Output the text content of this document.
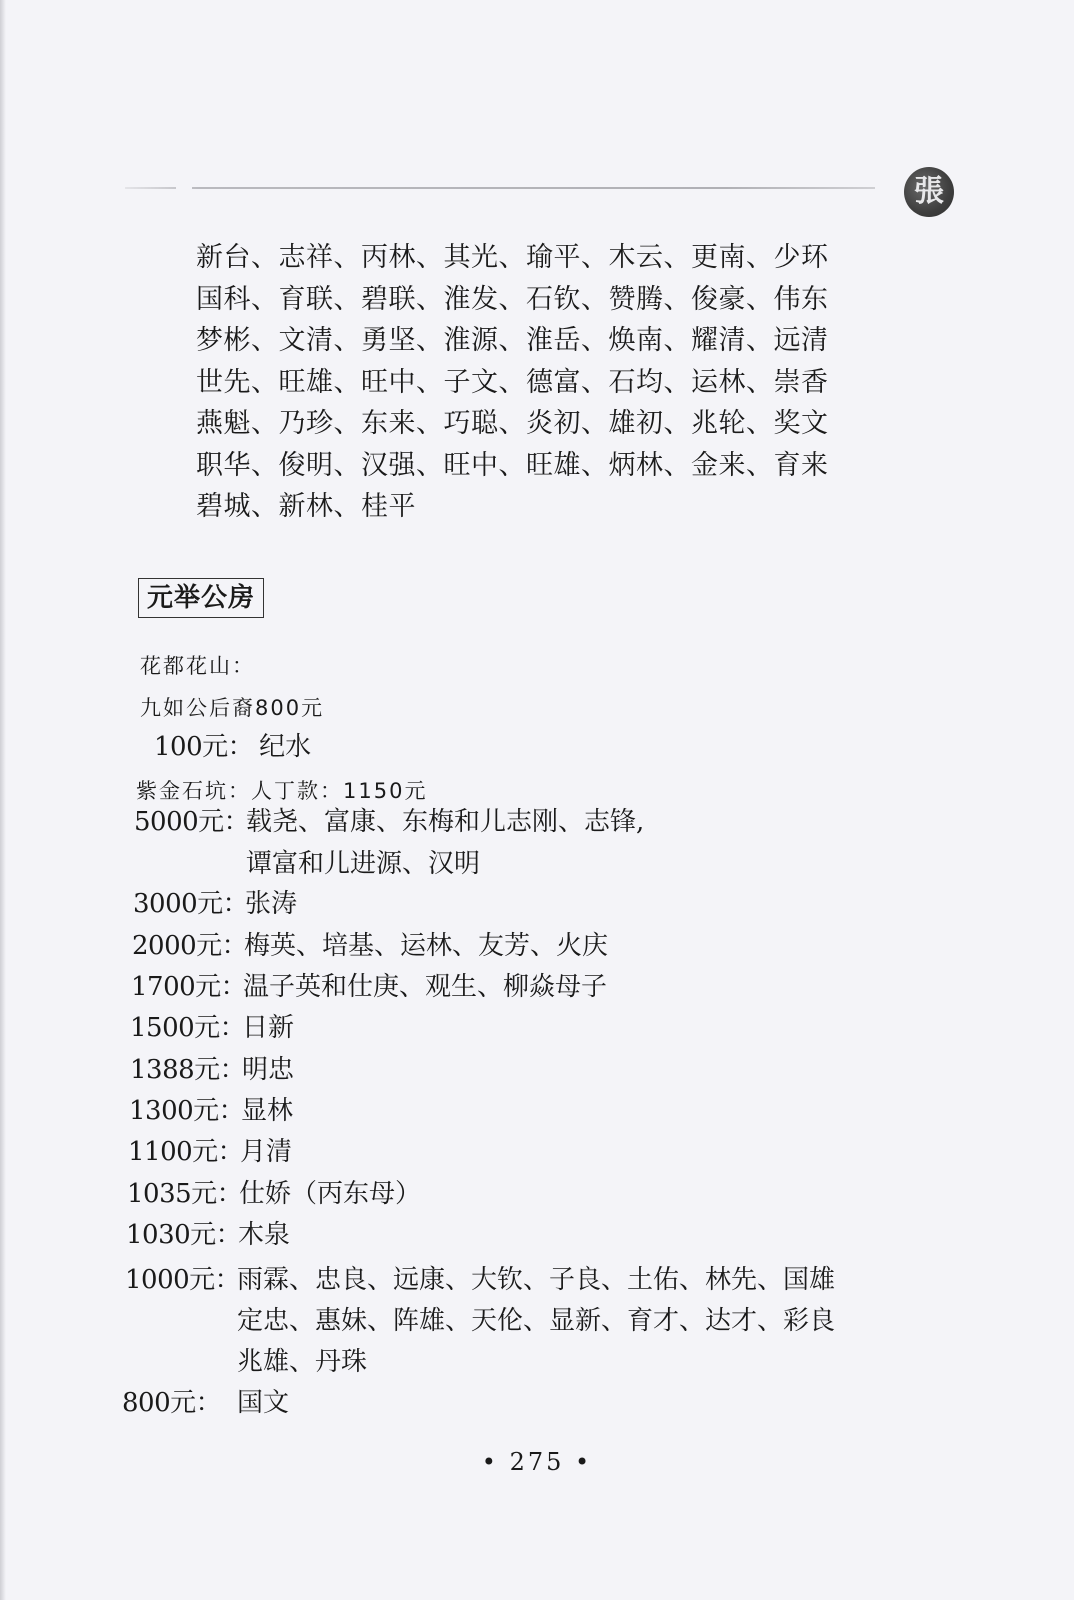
張
新台、志祥、丙林、其光、瑜平、木云、更南、少环
国科、育联、碧联、淮发、石钦、赞腾、俊豪、伟东
梦彬、文清、勇坚、淮源、淮岳、焕南、耀清、远清
世先、旺雄、旺中、子文、德富、石均、运林、崇香
燕魁、乃珍、东来、巧聪、炎初、雄初、兆轮、奖文
职华、俊明、汉强、旺中、旺雄、炳林、金来、育来
碧城、新林、桂平
元举公房
花都花山：
九如公后裔800元
100元： 纪水
紫金石坑：人丁款：1150元
5000元：载尧、富康、东梅和儿志刚、志锋,
谭富和儿进源、汉明
3000元：张涛
2000元：梅英、培基、运林、友芳、火庆
1700元：温子英和仕庚、观生、柳焱母子
1500元：日新
1388元：明忠
1300元：显林
1100元：月清
1035元：仕娇（丙东母）
1030元：木泉
1000元：雨霖、忠良、远康、大钦、子良、土佑、林先、国雄
定忠、惠妹、阵雄、天伦、显新、育才、达才、彩良
兆雄、丹珠
800元： 国文
• 275 •
